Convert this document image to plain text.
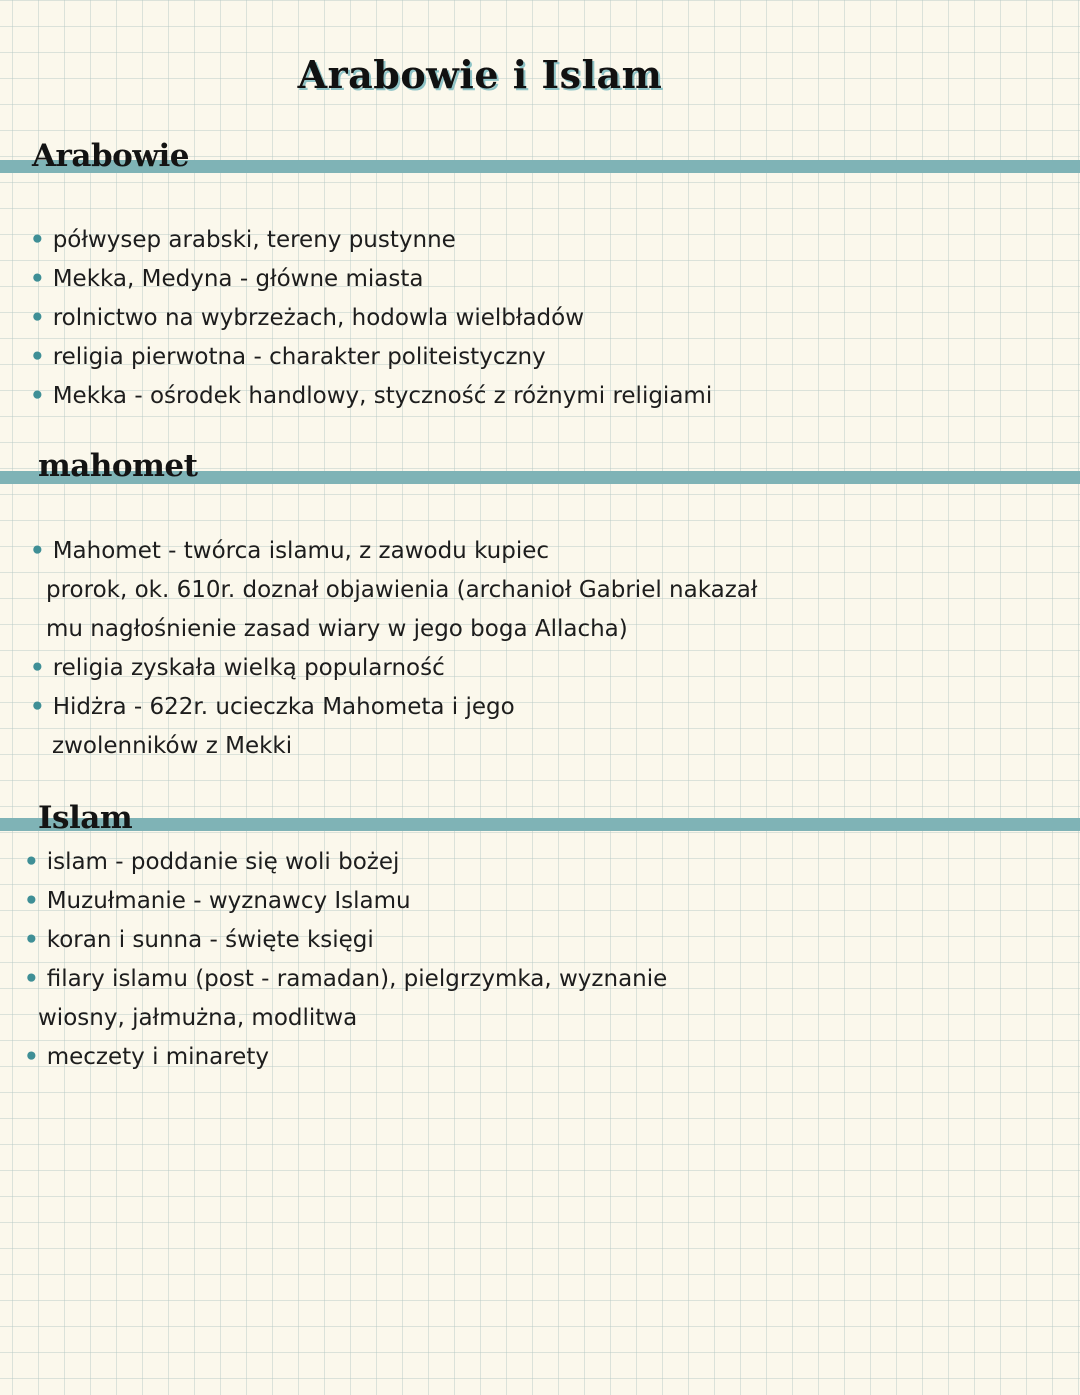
Arabowie i Islam
Arabowie
• półwysep arabski, tereny pustynne
• Mekka, Medyna - główne miasta
• rolnictwo na wybrzeżach, hodowla wielbładów
• religia pierwotna - charakter politeistyczny
• Mekka - ośrodek handlowy, styczność z różnymi religiami
mahomet
• Mahomet - twórca islamu, z zawodu kupiec
prorok, ok. 610r. doznał objawienia (archanioł Gabriel nakazał
mu nagłośnienie zasad wiary w jego boga Allacha)
• religia zyskała wielką popularność
• Hidżra - 622r. ucieczka Mahometa i jego
zwolenników z Mekki
Islam
• islam - poddanie się woli bożej
• Muzułmanie - wyznawcy Islamu
• koran i sunna - święte księgi
• filary islamu (post - ramadan), pielgrzymka, wyznanie
wiosny, jałmużna, modlitwa
• meczety i minarety
